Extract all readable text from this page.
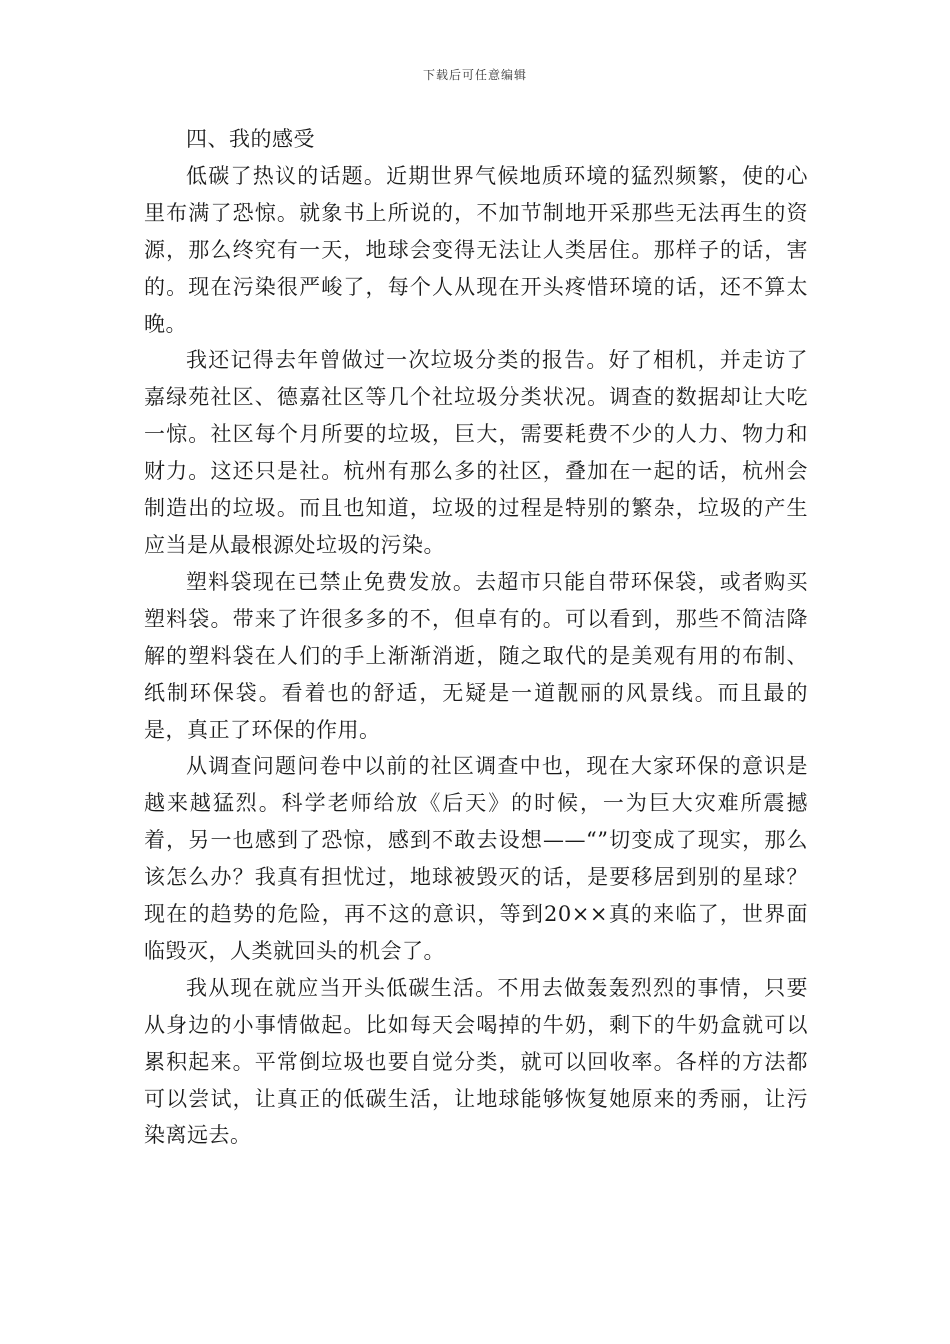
下载后可任意编辑

四、我的感受

低碳了热议的话题。近期世界气候地质环境的猛烈频繁，使的心里布满了恐惊。就象书上所说的，不加节制地开采那些无法再生的资源，那么终究有一天，地球会变得无法让人类居住。那样子的话，害的。现在污染很严峻了，每个人从现在开头疼惜环境的话，还不算太晚。

我还记得去年曾做过一次垃圾分类的报告。好了相机，并走访了嘉绿苑社区、德嘉社区等几个社垃圾分类状况。调查的数据却让大吃一惊。社区每个月所要的垃圾，巨大，需要耗费不少的人力、物力和财力。这还只是社。杭州有那么多的社区，叠加在一起的话，杭州会制造出的垃圾。而且也知道，垃圾的过程是特别的繁杂，垃圾的产生应当是从最根源处垃圾的污染。

塑料袋现在已禁止免费发放。去超市只能自带环保袋，或者购买塑料袋。带来了许很多多的不，但卓有的。可以看到，那些不简洁降解的塑料袋在人们的手上渐渐消逝，随之取代的是美观有用的布制、纸制环保袋。看着也的舒适，无疑是一道靓丽的风景线。而且最的是，真正了环保的作用。

从调查问题问卷中以前的社区调查中也，现在大家环保的意识是越来越猛烈。科学老师给放《后天》的时候，一为巨大灾难所震撼着，另一也感到了恐惊，感到不敢去设想——“”切变成了现实，那么该怎么办？我真有担忧过，地球被毁灭的话，是要移居到别的星球？现在的趋势的危险，再不这的意识，等到20××真的来临了，世界面临毁灭，人类就回头的机会了。

我从现在就应当开头低碳生活。不用去做轰轰烈烈的事情，只要从身边的小事情做起。比如每天会喝掉的牛奶，剩下的牛奶盒就可以累积起来。平常倒垃圾也要自觉分类，就可以回收率。各样的方法都可以尝试，让真正的低碳生活，让地球能够恢复她原来的秀丽，让污染离远去。
